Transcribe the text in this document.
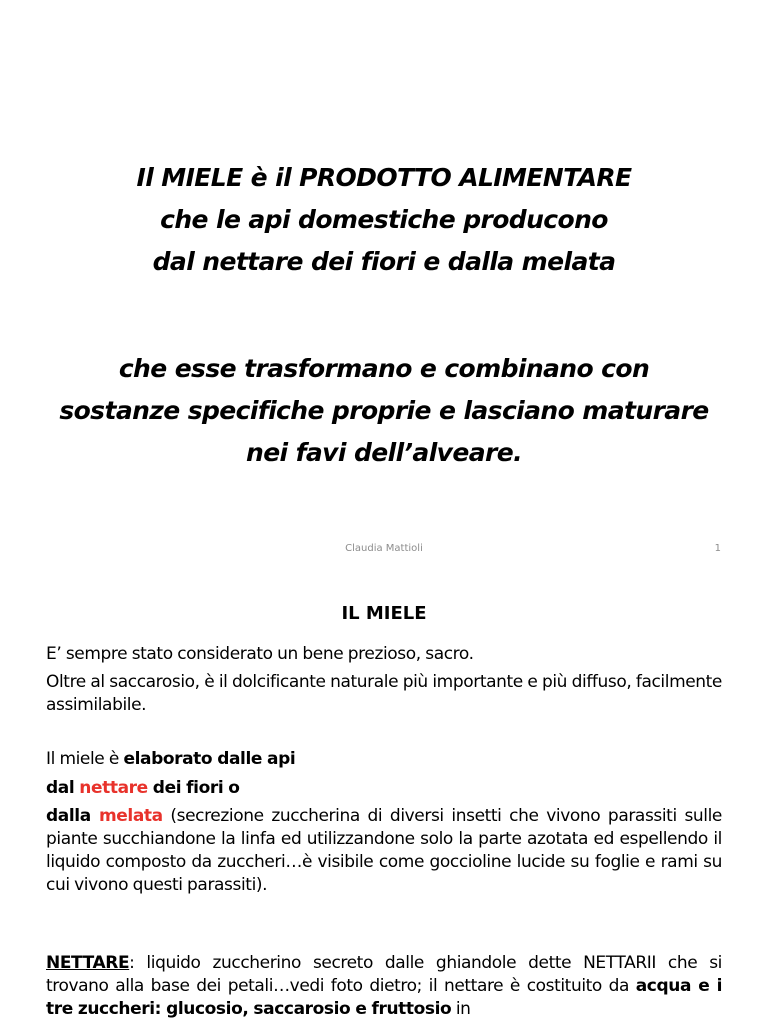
Il MIELE è il PRODOTTO ALIMENTARE
che le api domestiche producono
dal nettare dei fiori e dalla melata
che esse trasformano e combinano con
sostanze specifiche proprie e lasciano maturare
nei favi dell’alveare.
Claudia Mattioli	1
IL MIELE
E’ sempre stato considerato un bene prezioso, sacro.
Oltre al saccarosio, è il dolcificante naturale più importante e più diffuso, facilmente assimilabile.
Il miele è elaborato dalle api
dal nettare dei fiori o
dalla melata (secrezione zuccherina di diversi insetti che vivono parassiti sulle piante succhiandone la linfa ed utilizzandone solo la parte azotata ed espellendo il liquido composto da zuccheri…è visibile come goccioline lucide su foglie e rami su cui vivono questi parassiti).
NETTARE: liquido zuccherino secreto dalle ghiandole dette NETTARII che si trovano alla base dei petali…vedi foto dietro; il nettare è costituito da acqua e i tre zuccheri: glucosio, saccarosio e fruttosio in
